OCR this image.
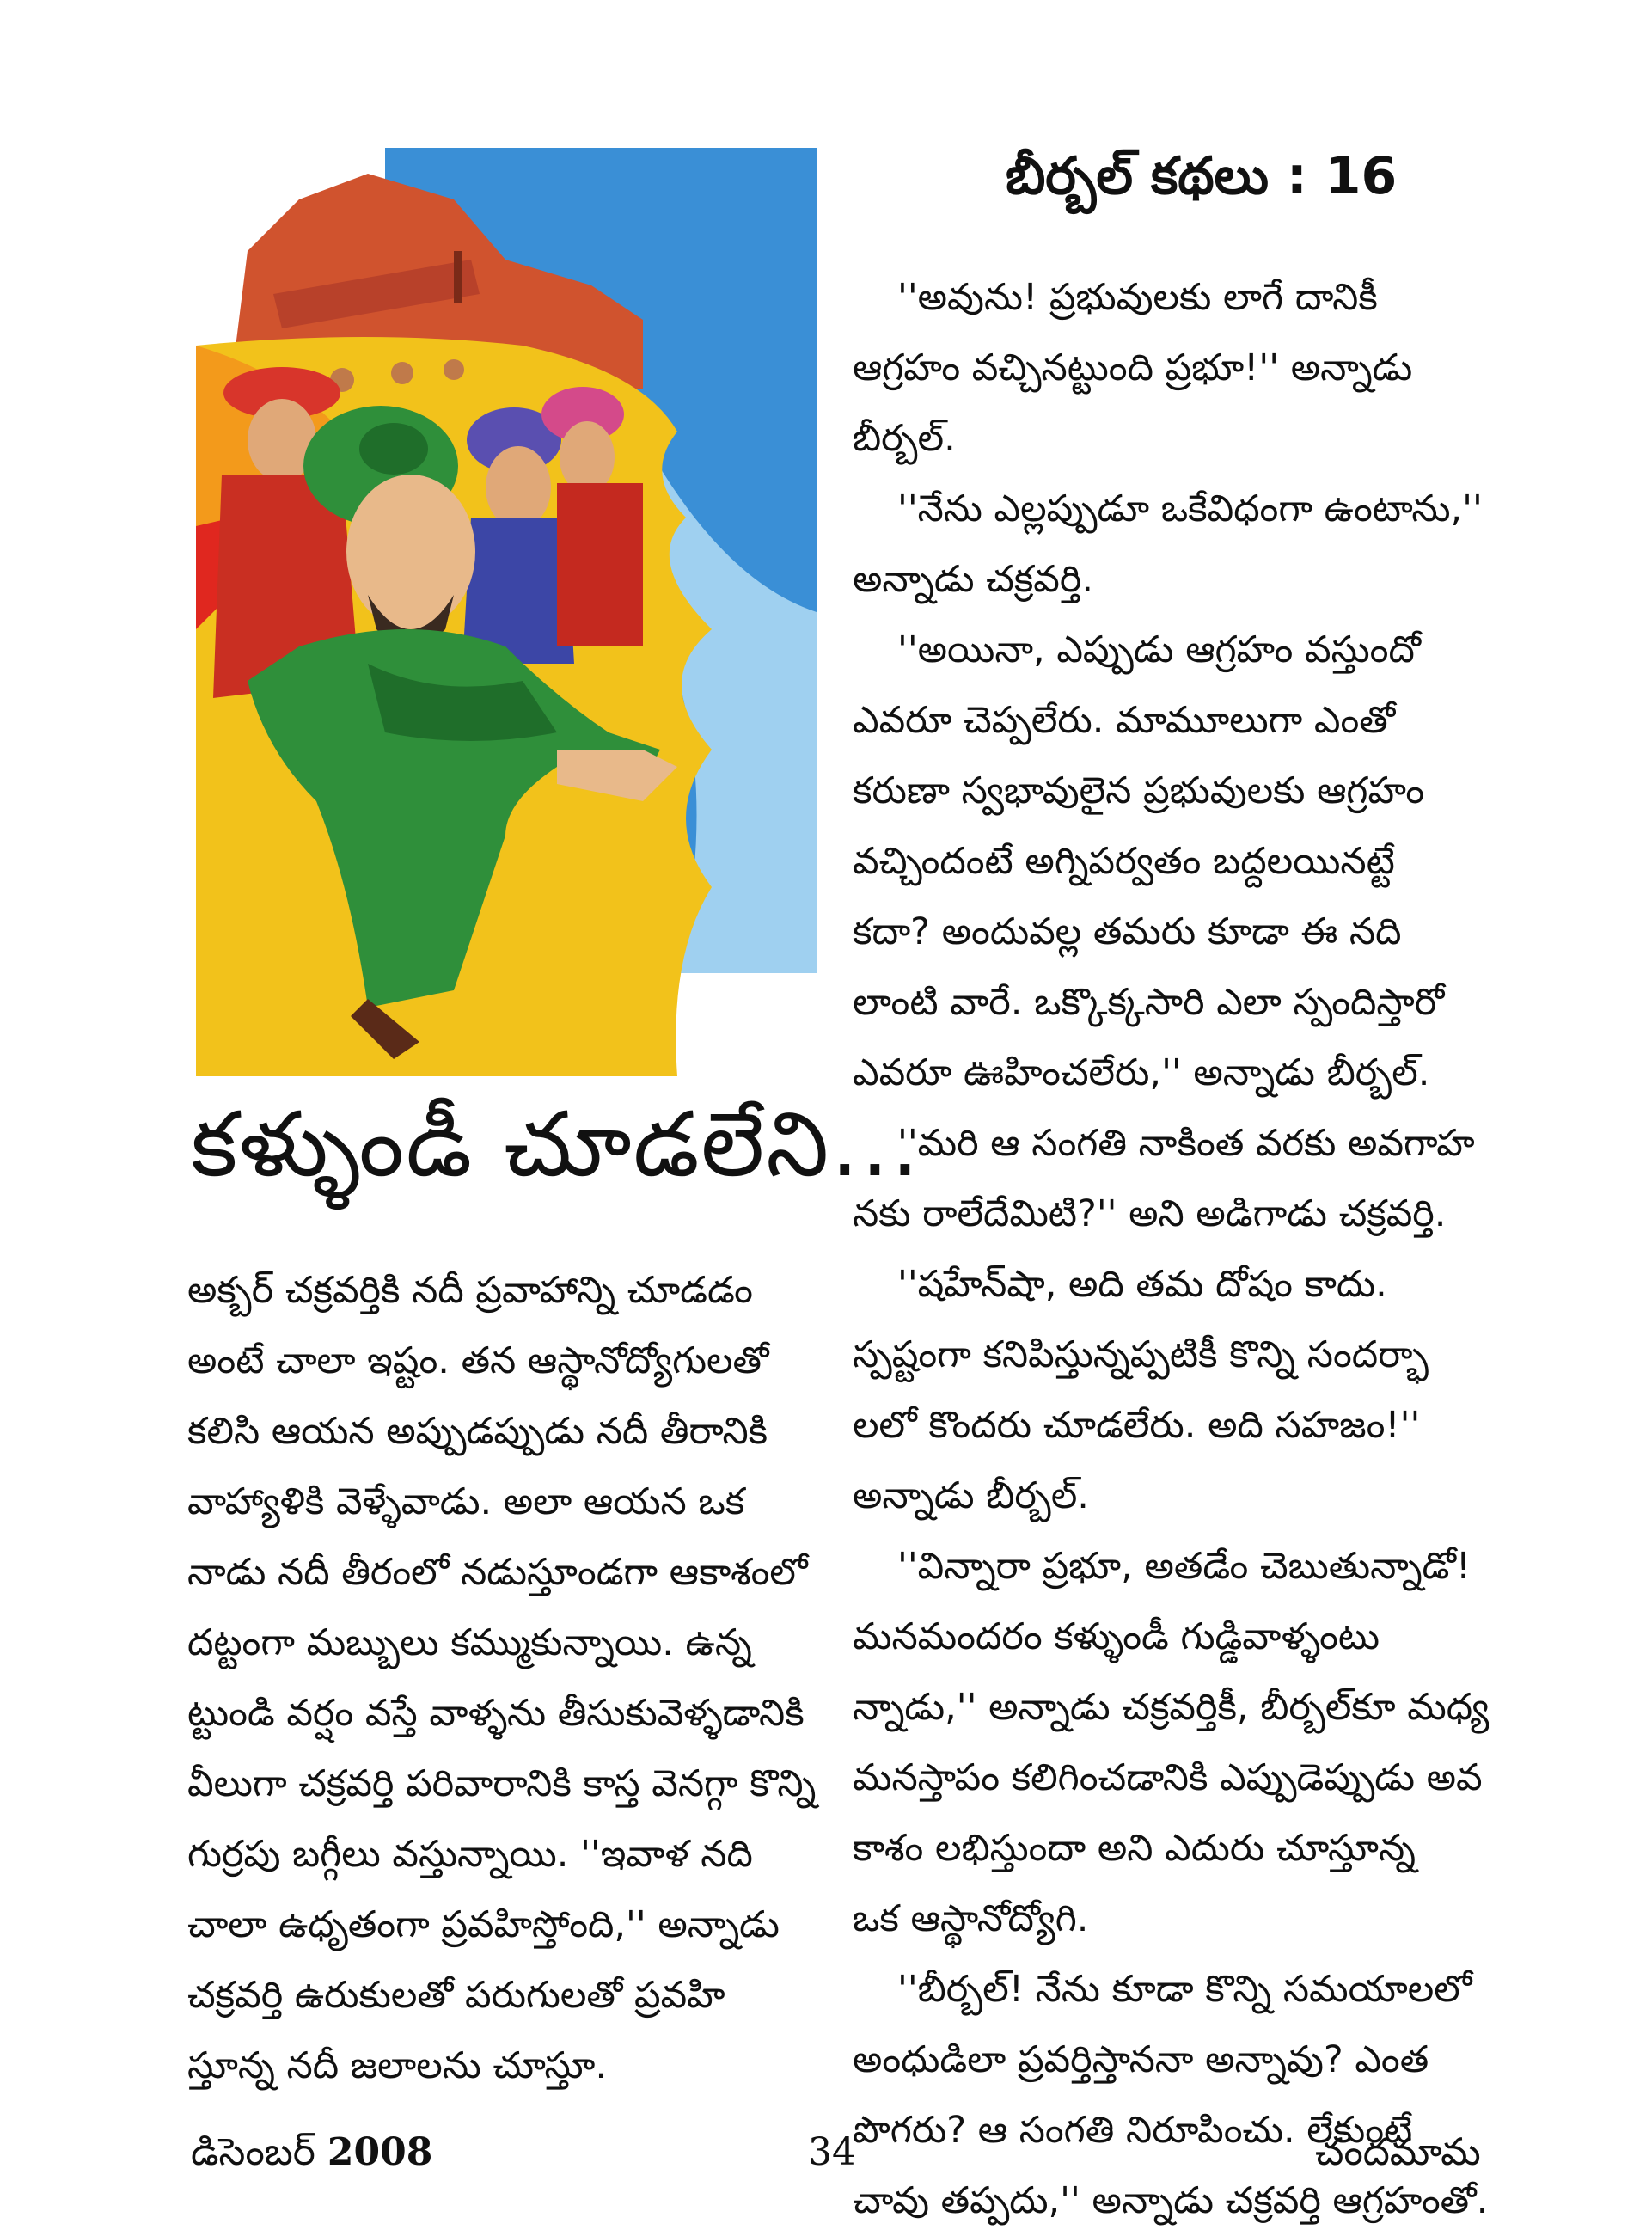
బీర్బల్ కథలు : 16
కళ్ళుండీ చూడలేని...
అక్బర్ చక్రవర్తికి నదీ ప్రవాహాన్ని చూడడం
అంటే చాలా ఇష్టం. తన ఆస్థానోద్యోగులతో
కలిసి ఆయన అప్పుడప్పుడు నదీ తీరానికి
వాహ్యాళికి వెళ్ళేవాడు. అలా ఆయన ఒక
నాడు నదీ తీరంలో నడుస్తూండగా ఆకాశంలో
దట్టంగా మబ్బులు కమ్ముకున్నాయి. ఉన్న
ట్టుండి వర్షం వస్తే వాళ్ళను తీసుకువెళ్ళడానికి
వీలుగా చక్రవర్తి పరివారానికి కాస్త వెనగ్గా కొన్ని
గుర్రపు బగ్గీలు వస్తున్నాయి. ''ఇవాళ నది
చాలా ఉధృతంగా ప్రవహిస్తోంది,'' అన్నాడు
చక్రవర్తి ఉరుకులతో పరుగులతో ప్రవహి
స్తూన్న నదీ జలాలను చూస్తూ.
''అవును! ప్రభువులకు లాగే దానికీ
ఆగ్రహం వచ్చినట్టుంది ప్రభూ!'' అన్నాడు
బీర్బల్.
''నేను ఎల్లప్పుడూ ఒకేవిధంగా ఉంటాను,''
అన్నాడు చక్రవర్తి.
''అయినా, ఎప్పుడు ఆగ్రహం వస్తుందో
ఎవరూ చెప్పలేరు. మామూలుగా ఎంతో
కరుణా స్వభావులైన ప్రభువులకు ఆగ్రహం
వచ్చిందంటే అగ్నిపర్వతం బద్దలయినట్టే
కదా? అందువల్ల తమరు కూడా ఈ నది
లాంటి వారే. ఒక్కొక్కసారి ఎలా స్పందిస్తారో
ఎవరూ ఊహించలేరు,'' అన్నాడు బీర్బల్.
''మరి ఆ సంగతి నాకింత వరకు అవగాహ
నకు రాలేదేమిటి?'' అని అడిగాడు చక్రవర్తి.
''షహేన్‌షా, అది తమ దోషం కాదు.
స్పష్టంగా కనిపిస్తున్నప్పటికీ కొన్ని సందర్భా
లలో కొందరు చూడలేరు. అది సహజం!''
అన్నాడు బీర్బల్.
''విన్నారా ప్రభూ, అతడేం చెబుతున్నాడో!
మనమందరం కళ్ళుండీ గుడ్డివాళ్ళంటు
న్నాడు,'' అన్నాడు చక్రవర్తికీ, బీర్బల్‌కూ మధ్య
మనస్తాపం కలిగించడానికి ఎప్పుడెప్పుడు అవ
కాశం లభిస్తుందా అని ఎదురు చూస్తూన్న
ఒక ఆస్థానోద్యోగి.
''బీర్బల్! నేను కూడా కొన్ని సమయాలలో
అంధుడిలా ప్రవర్తిస్తాననా అన్నావు? ఎంత
పొగరు? ఆ సంగతి నిరూపించు. లేకుంటే
చావు తప్పదు,'' అన్నాడు చక్రవర్తి ఆగ్రహంతో.
డిసెంబర్ 2008	34	చందమామ
